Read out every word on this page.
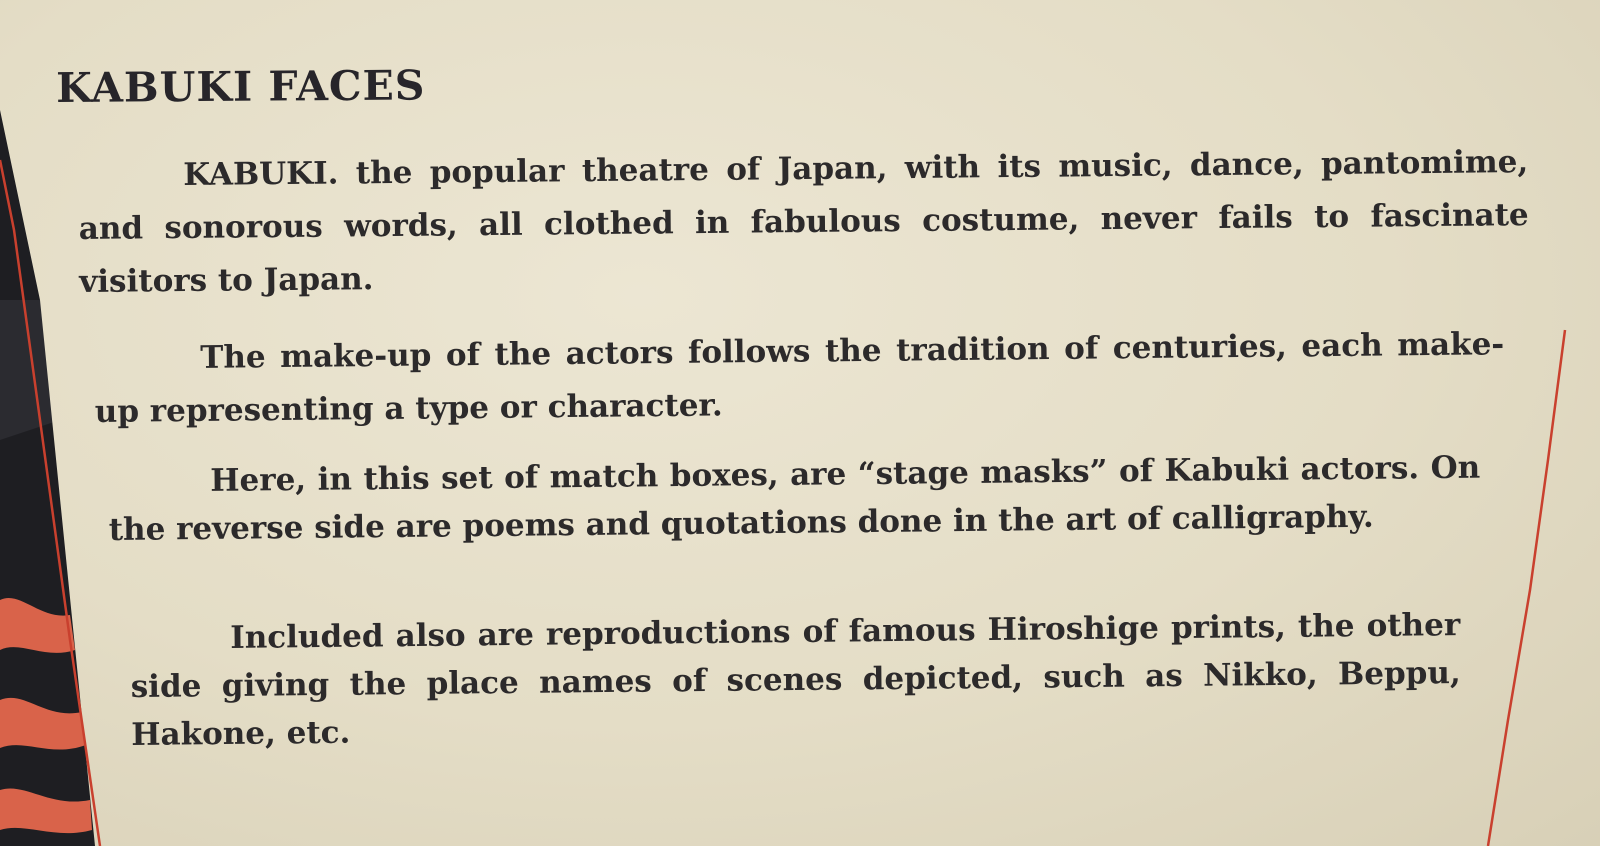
KABUKI FACES

KABUKI. the popular theatre of Japan, with its music, dance, pantomime, and sonorous words, all clothed in fabulous costume, never fails to fascinate visitors to Japan.

The make-up of the actors follows the tradition of centuries, each make-up representing a type or character.

Here, in this set of match boxes, are “stage masks” of Kabuki actors. On the reverse side are poems and quotations done in the art of calligraphy.

Included also are reproductions of famous Hiroshige prints, the other side giving the place names of scenes depicted, such as Nikko, Beppu, Hakone, etc.
